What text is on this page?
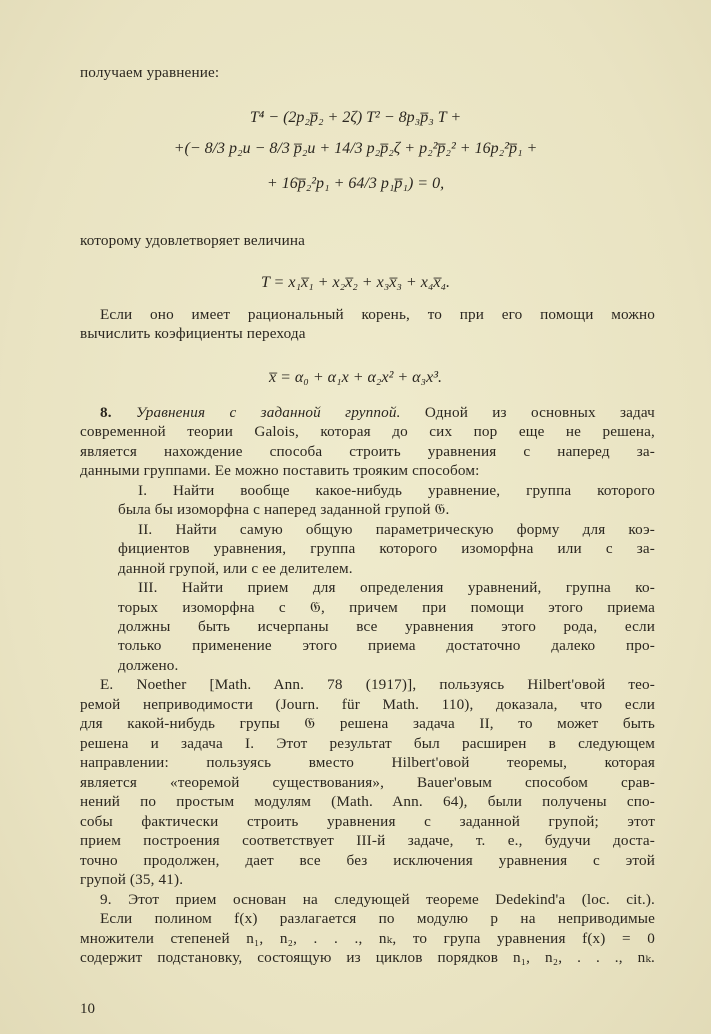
получаем уравнение:
T⁴ − (2p₂p̅₂ + 2ζ) T² − 8p₃p̅₃ T +
+(− 8/3 p₂u − 8/3 p̅₂u + 14/3 p₂p̅₂ζ + p₂²p̅₂² + 16p₂²p̅₁ +
+ 16p̅₂²p₁ + 64/3 p₁p̅₁) = 0,
которому удовлетворяет величина
T = x₁x̅₁ + x₂x̅₂ + x₃x̅₃ + x₄x̅₄.
Если оно имеет рациональный корень, то при его помощи можно
вычислить коэфициенты перехода
x̅ = α₀ + α₁x + α₂x² + α₃x³.
8. Уравнения с заданной группой. Одной из основных задач
современной теории Galois, которая до сих пор еще не решена,
является нахождение способа строить уравнения с наперед за-
данными группами. Ее можно поставить трояким способом:
I. Найти вообще какое-нибудь уравнение, группа которого
была бы изоморфна с наперед заданной групой 𝔊.
II. Найти самую общую параметрическую форму для коэ-
фициентов уравнения, группа которого изоморфна или с за-
данной групой, или с ее делителем.
III. Найти прием для определения уравнений, групна ко-
торых изоморфна с 𝔊, причем при помощи этого приема
должны быть исчерпаны все уравнения этого рода, если
только применение этого приема достаточно далеко про-
должено.
E. Noether [Math. Ann. 78 (1917)], пользуясь Hilbert'овой тео-
ремой неприводимости (Journ. für Math. 110), доказала, что если
для какой-нибудь групы 𝔊 решена задача II, то может быть
решена и задача I. Этот результат был расширен в следующем
направлении: пользуясь вместо Hilbert'овой теоремы, которая
является «теоремой существования», Bauer'овым способом срав-
нений по простым модулям (Math. Ann. 64), были получены спо-
собы фактически строить уравнения с заданной групой; этот
прием построения соответствует III-й задаче, т. е., будучи доста-
точно продолжен, дает все без исключения уравнения с этой
групой (35, 41).
9. Этот прием основан на следующей теореме Dedekind'a (loc. cit.).
Если полином f(x) разлагается по модулю p на неприводимые
множители степеней n₁, n₂, . . ., nₖ, то група уравнения f(x) = 0
содержит подстановку, состоящую из циклов порядков n₁, n₂, . . ., nₖ.
10
